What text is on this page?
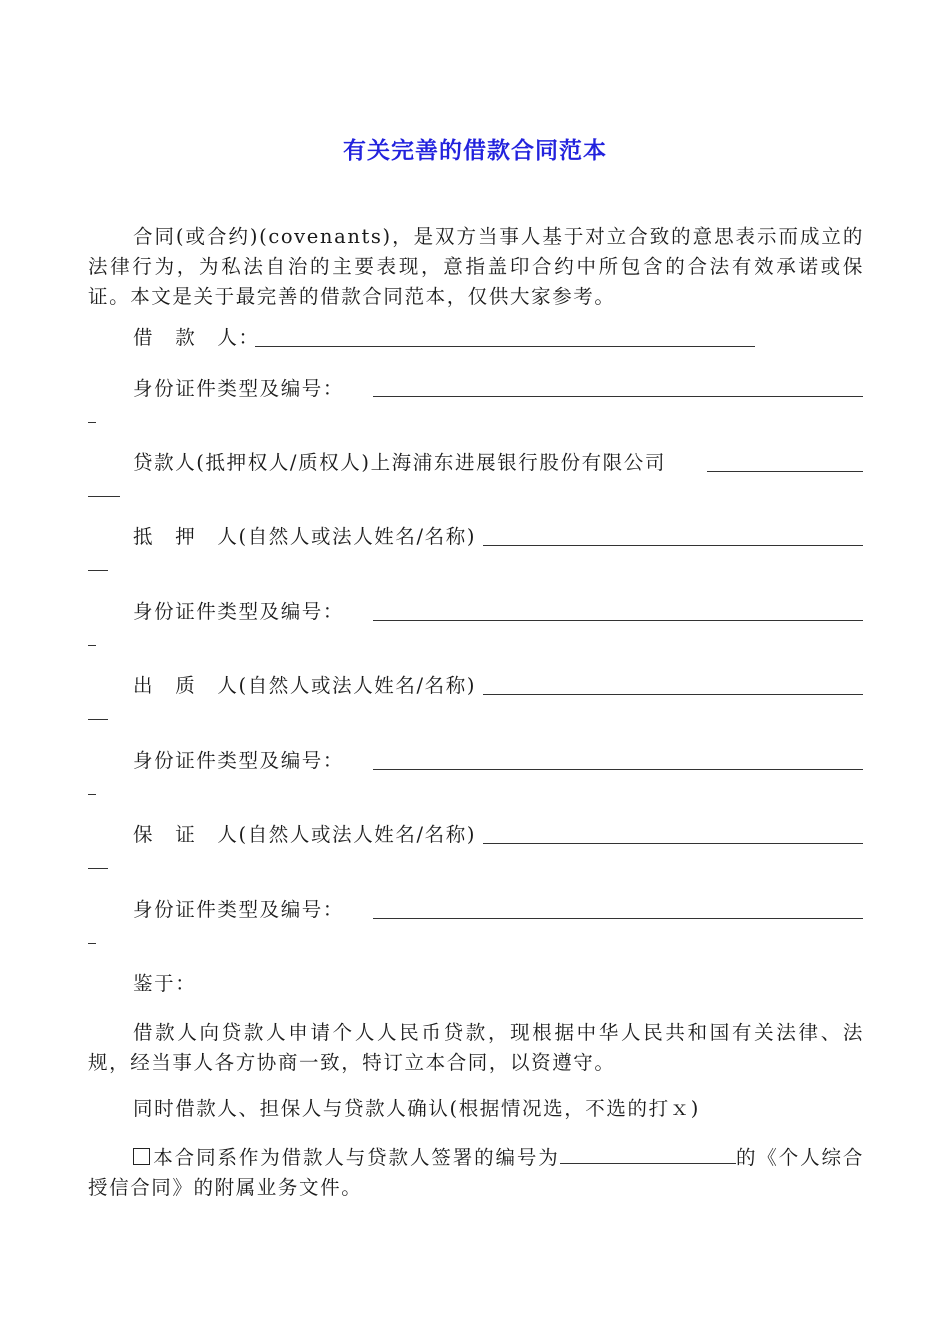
有关完善的借款合同范本
合同(或合约)(covenants)，是双方当事人基于对立合致的意思表示而成立的法律行为，为私法自治的主要表现，意指盖印合约中所包含的合法有效承诺或保证。本文是关于最完善的借款合同范本，仅供大家参考。
借　款　人：
身份证件类型及编号：
贷款人(抵押权人/质权人)上海浦东进展银行股份有限公司
抵　押　人(自然人或法人姓名/名称)
身份证件类型及编号：
出　质　人(自然人或法人姓名/名称)
身份证件类型及编号：
保　证　人(自然人或法人姓名/名称)
身份证件类型及编号：
鉴于：
借款人向贷款人申请个人人民币贷款，现根据中华人民共和国有关法律、法规，经当事人各方协商一致，特订立本合同，以资遵守。
同时借款人、担保人与贷款人确认(根据情况选，不选的打ｘ)
本合同系作为借款人与贷款人签署的编号为	的《个人综合授信合同》的附属业务文件。
